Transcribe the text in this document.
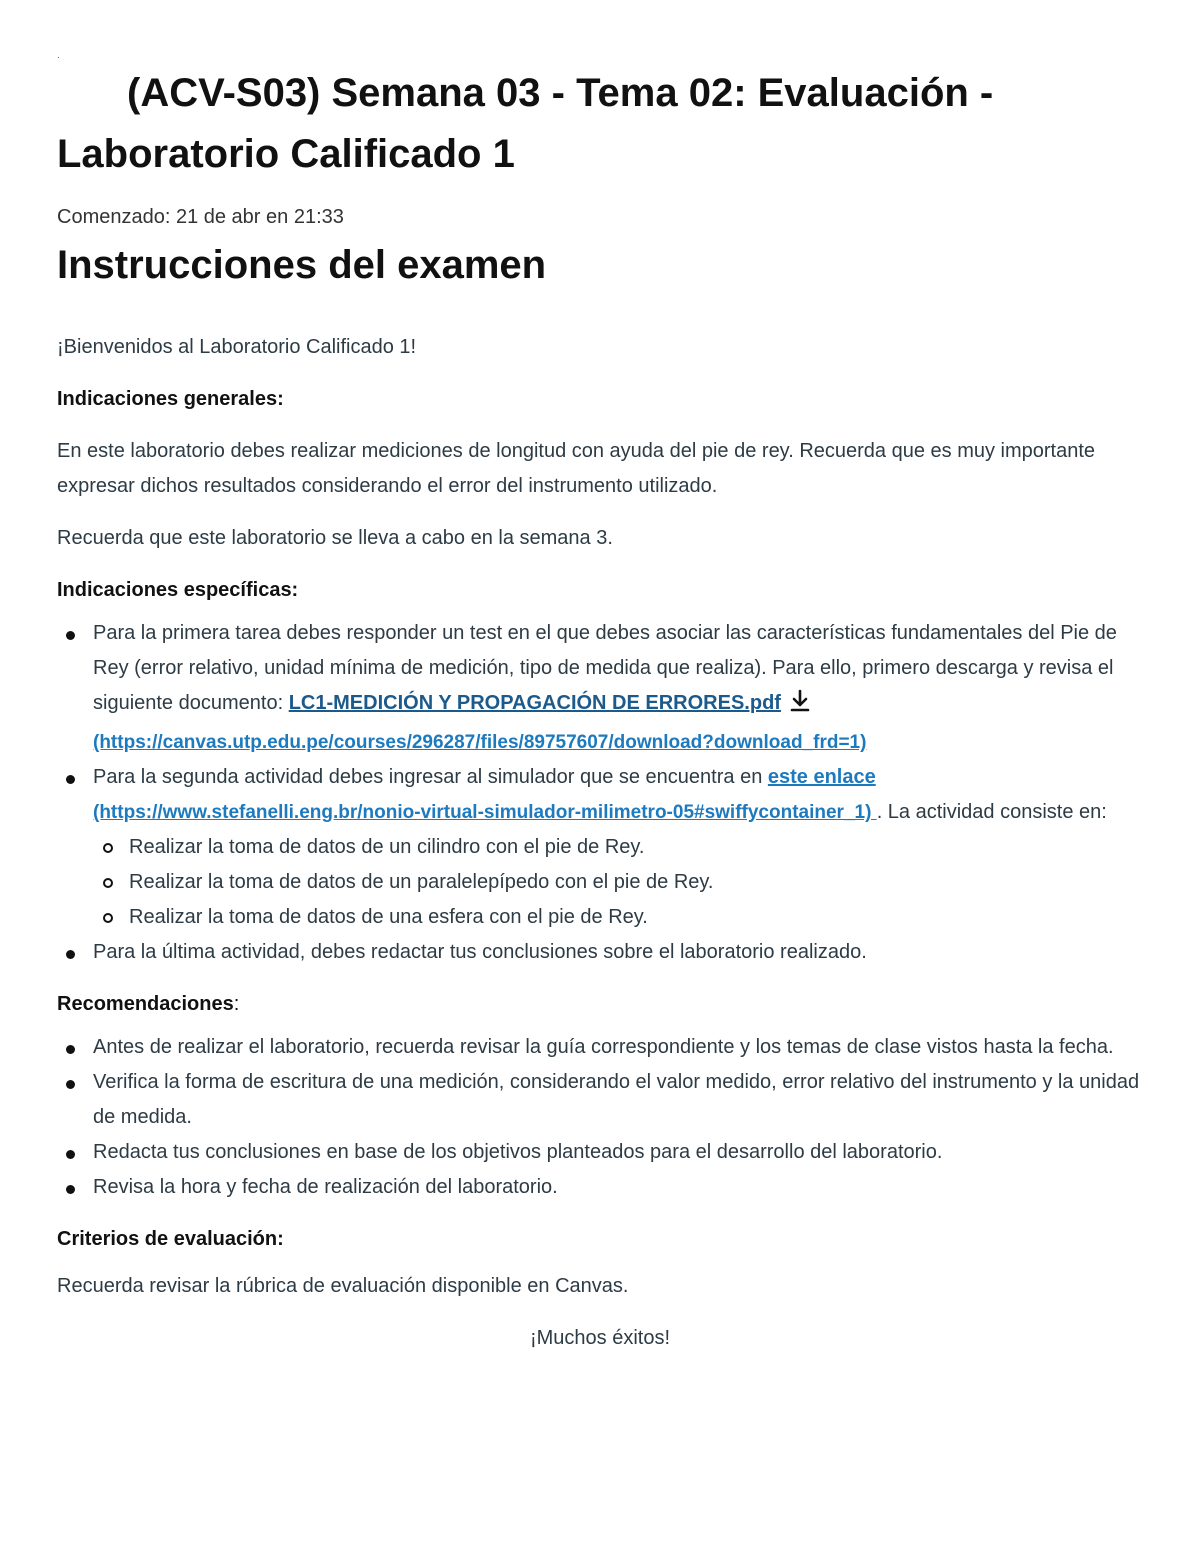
.
(ACV-S03) Semana 03 - Tema 02: Evaluación - Laboratorio Calificado 1
Comenzado: 21 de abr en 21:33
Instrucciones del examen

¡Bienvenidos al Laboratorio Calificado 1!

Indicaciones generales:

En este laboratorio debes realizar mediciones de longitud con ayuda del pie de rey. Recuerda que es muy importante expresar dichos resultados considerando el error del instrumento utilizado.

Recuerda que este laboratorio se lleva a cabo en la semana 3.

Indicaciones específicas:

Para la primera tarea debes responder un test en el que debes asociar las características fundamentales del Pie de Rey (error relativo, unidad mínima de medición, tipo de medida que realiza). Para ello, primero descarga y revisa el siguiente documento: LC1-MEDICIÓN Y PROPAGACIÓN DE ERRORES.pdf
(https://canvas.utp.edu.pe/courses/296287/files/89757607/download?download_frd=1)
Para la segunda actividad debes ingresar al simulador que se encuentra en este enlace
(https://www.stefanelli.eng.br/nonio-virtual-simulador-milimetro-05#swiffycontainer_1) . La actividad consiste en:
Realizar la toma de datos de un cilindro con el pie de Rey.
Realizar la toma de datos de un paralelepípedo con el pie de Rey.
Realizar la toma de datos de una esfera con el pie de Rey.
Para la última actividad, debes redactar tus conclusiones sobre el laboratorio realizado.

Recomendaciones:

Antes de realizar el laboratorio, recuerda revisar la guía correspondiente y los temas de clase vistos hasta la fecha.
Verifica la forma de escritura de una medición, considerando el valor medido, error relativo del instrumento y la unidad de medida.
Redacta tus conclusiones en base de los objetivos planteados para el desarrollo del laboratorio.
Revisa la hora y fecha de realización del laboratorio.

Criterios de evaluación:

Recuerda revisar la rúbrica de evaluación disponible en Canvas.

¡Muchos éxitos!
